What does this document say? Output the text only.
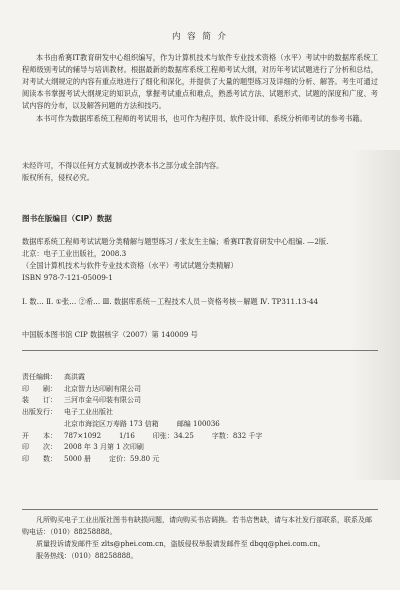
内 容 简 介

本书由希赛IT教育研发中心组织编写，作为计算机技术与软件专业技术资格（水平）考试中的数据库系统工程师级别考试的辅导与培训教材。根据最新的数据库系统工程师考试大纲，对历年考试试题进行了分析和总结，对考试大纲规定的内容有重点地进行了细化和深化，并提供了大量的题型练习及详细的分析、解答。考生可通过阅读本书掌握考试大纲规定的知识点，掌握考试重点和难点，熟悉考试方法、试题形式、试题的深度和广度、考试内容的分布，以及解答问题的方法和技巧。

本书可作为数据库系统工程师的考试用书，也可作为程序员、软件设计师、系统分析师考试的参考书籍。

未经许可，不得以任何方式复制或抄袭本书之部分或全部内容。
版权所有，侵权必究。
图书在版编目（CIP）数据
数据库系统工程师考试试题分类精解与题型练习 / 张友生主编；希赛IT教育研发中心组编. —2版.
北京：电子工业出版社，2008.3
（全国计算机技术与软件专业技术资格（水平）考试试题分类精解）
ISBN 978-7-121-05009-1
Ⅰ. 数… Ⅱ. ①张… ②希… Ⅲ. 数据库系统－工程技术人员－资格考核－解题 Ⅳ. TP311.13-44
中国版本图书馆 CIP 数据核字（2007）第 140009 号
责任编辑：	高洪霞
印　　刷：	北京智力达印刷有限公司
装　　订：	三河市金马印装有限公司
出版发行：	电子工业出版社
北京市海淀区万寿路 173 信箱	邮编 100036
开　　本：	787×1092	1/16	印张：34.25	字数：832 千字
印　　次：	2008 年 3 月第 1 次印刷
印　　数：	5000 册	定价：59.80 元

凡所购买电子工业出版社图书有缺损问题，请向购买书店调换。若书店售缺，请与本社发行部联系，联系及邮购电话：（010）88258888。

质量投诉请发邮件至 zlts@phei.com.cn，盗版侵权举报请发邮件至 dbqq@phei.com.cn。
服务热线：（010）88258888。
